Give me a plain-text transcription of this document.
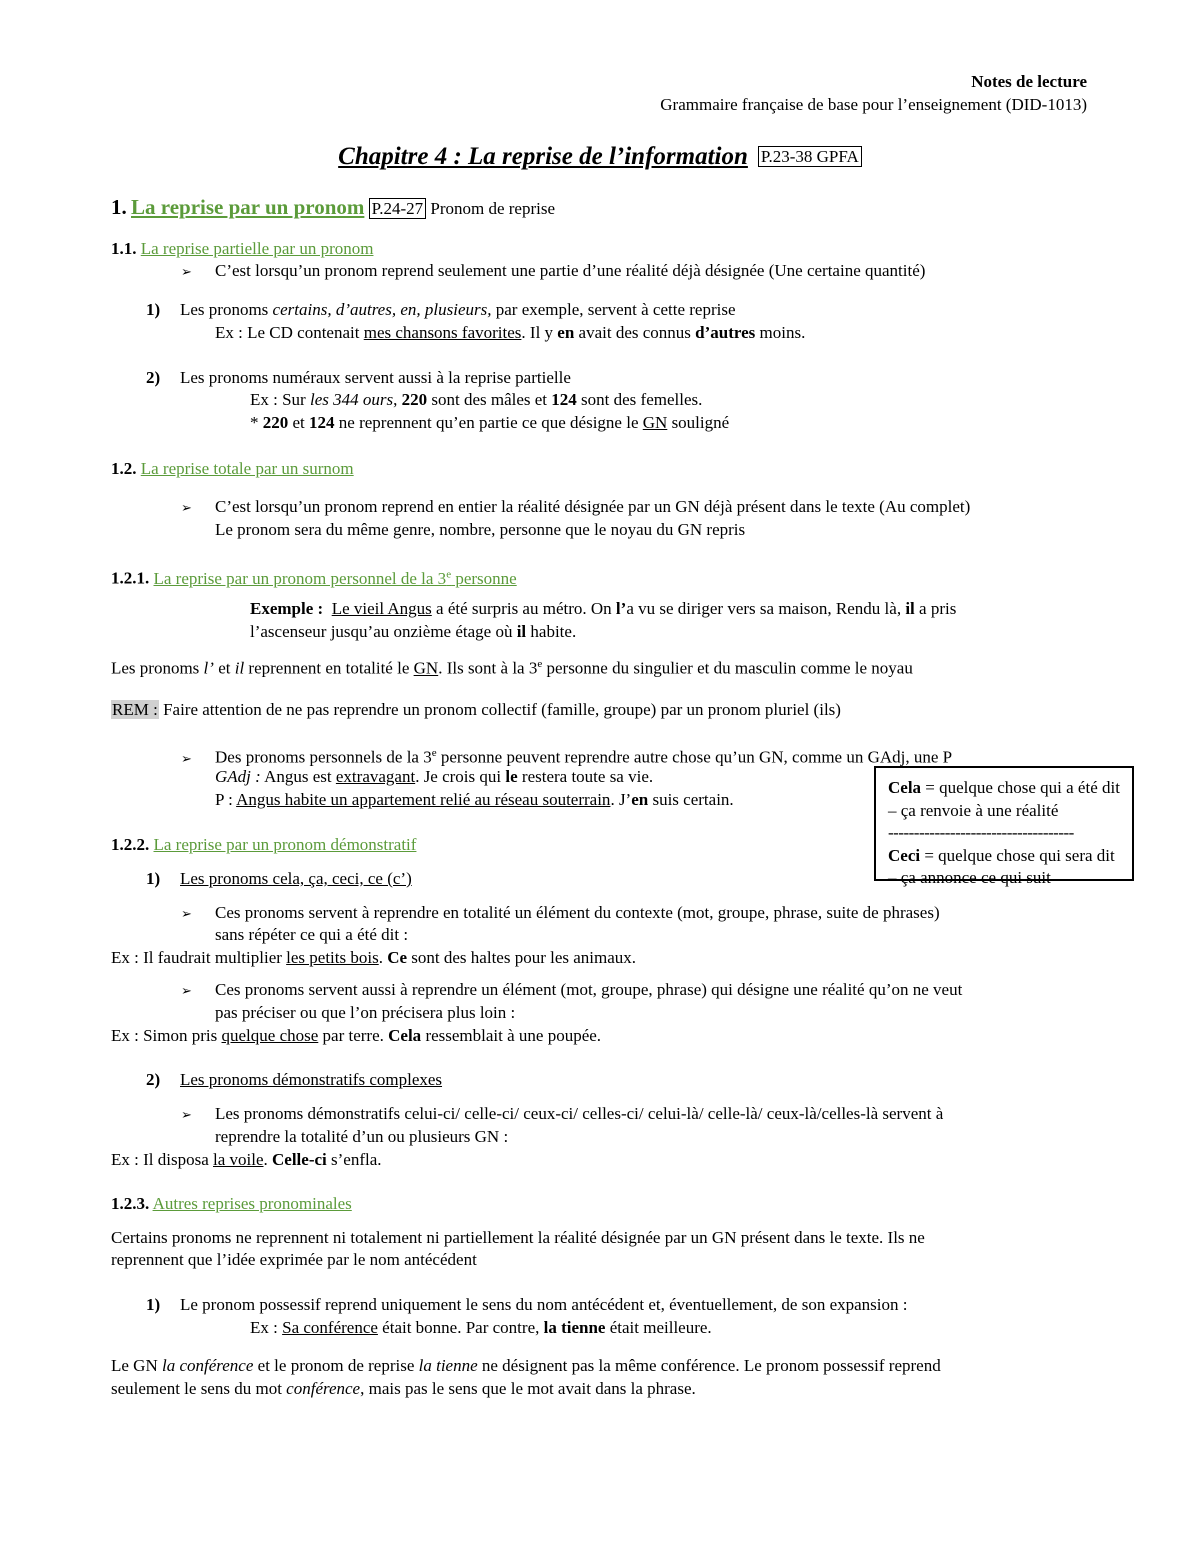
Notes de lecture
Grammaire française de base pour l’enseignement (DID-1013)
Chapitre 4 : La reprise de l’information P.23-38 GPFA
1. La reprise par un pronom P.24-27 Pronom de reprise
1.1. La reprise partielle par un pronom
➢ C’est lorsqu’un pronom reprend seulement une partie d’une réalité déjà désignée (Une certaine quantité)
1) Les pronoms certains, d’autres, en, plusieurs, par exemple, servent à cette reprise
Ex : Le CD contenait mes chansons favorites. Il y en avait des connus d’autres moins.
2) Les pronoms numéraux servent aussi à la reprise partielle
Ex : Sur les 344 ours, 220 sont des mâles et 124 sont des femelles.
* 220 et 124 ne reprennent qu’en partie ce que désigne le GN souligné
1.2. La reprise totale par un surnom
➢ C’est lorsqu’un pronom reprend en entier la réalité désignée par un GN déjà présent dans le texte (Au complet)
Le pronom sera du même genre, nombre, personne que le noyau du GN repris
1.2.1. La reprise par un pronom personnel de la 3e personne
Exemple : Le vieil Angus a été surpris au métro. On l’a vu se diriger vers sa maison, Rendu là, il a pris
l’ascenseur jusqu’au onzième étage où il habite.
Les pronoms l’ et il reprennent en totalité le GN. Ils sont à la 3e personne du singulier et du masculin comme le noyau
REM : Faire attention de ne pas reprendre un pronom collectif (famille, groupe) par un pronom pluriel (ils)
➢ Des pronoms personnels de la 3e personne peuvent reprendre autre chose qu’un GN, comme un GAdj, une P
GAdj : Angus est extravagant. Je crois qui le restera toute sa vie.
P : Angus habite un appartement relié au réseau souterrain. J’en suis certain.
Cela = quelque chose qui a été dit – ça renvoie à une réalité
------------------------------------
Ceci = quelque chose qui sera dit – ça annonce ce qui suit
1.2.2. La reprise par un pronom démonstratif
1) Les pronoms cela, ça, ceci, ce (c’)
➢ Ces pronoms servent à reprendre en totalité un élément du contexte (mot, groupe, phrase, suite de phrases)
sans répéter ce qui a été dit :
Ex : Il faudrait multiplier les petits bois. Ce sont des haltes pour les animaux.
➢ Ces pronoms servent aussi à reprendre un élément (mot, groupe, phrase) qui désigne une réalité qu’on ne veut
pas préciser ou que l’on précisera plus loin :
Ex : Simon pris quelque chose par terre. Cela ressemblait à une poupée.
2) Les pronoms démonstratifs complexes
➢ Les pronoms démonstratifs celui-ci/ celle-ci/ ceux-ci/ celles-ci/ celui-là/ celle-là/ ceux-là/celles-là servent à
reprendre la totalité d’un ou plusieurs GN :
Ex : Il disposa la voile. Celle-ci s’enfla.
1.2.3. Autres reprises pronominales
Certains pronoms ne reprennent ni totalement ni partiellement la réalité désignée par un GN présent dans le texte. Ils ne
reprennent que l’idée exprimée par le nom antécédent
1) Le pronom possessif reprend uniquement le sens du nom antécédent et, éventuellement, de son expansion :
Ex : Sa conférence était bonne. Par contre, la tienne était meilleure.
Le GN la conférence et le pronom de reprise la tienne ne désignent pas la même conférence. Le pronom possessif reprend
seulement le sens du mot conférence, mais pas le sens que le mot avait dans la phrase.
